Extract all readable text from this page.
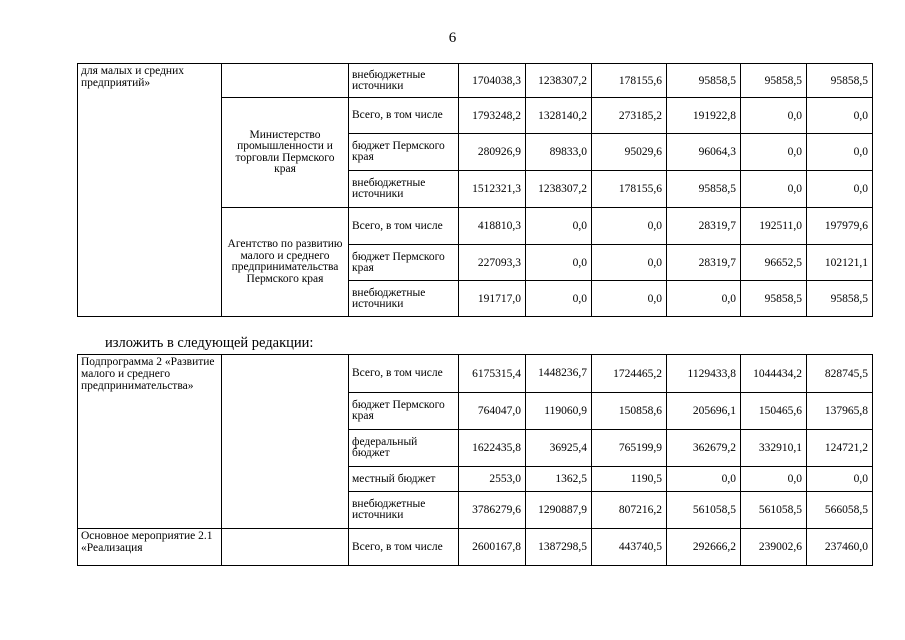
6
для малых и средних предприятий»		внебюджетные источники	1704038,3	1238307,2	178155,6	95858,5	95858,5	95858,5
	Министерство промышленности и торговли Пермского края	Всего, в том числе	1793248,2	1328140,2	273185,2	191922,8	0,0	0,0
		бюджет Пермского края	280926,9	89833,0	95029,6	96064,3	0,0	0,0
		внебюджетные источники	1512321,3	1238307,2	178155,6	95858,5	0,0	0,0
	Агентство по развитию малого и среднего предпринимательства Пермского края	Всего, в том числе	418810,3	0,0	0,0	28319,7	192511,0	197979,6
		бюджет Пермского края	227093,3	0,0	0,0	28319,7	96652,5	102121,1
		внебюджетные источники	191717,0	0,0	0,0	0,0	95858,5	95858,5
изложить в следующей редакции:
Подпрограмма 2 «Развитие малого и среднего предпринимательства»		Всего, в том числе	6175315,4	1448236,7	1724465,2	1129433,8	1044434,2	828745,5
		бюджет Пермского края	764047,0	119060,9	150858,6	205696,1	150465,6	137965,8
		федеральный бюджет	1622435,8	36925,4	765199,9	362679,2	332910,1	124721,2
		местный бюджет	2553,0	1362,5	1190,5	0,0	0,0	0,0
		внебюджетные источники	3786279,6	1290887,9	807216,2	561058,5	561058,5	566058,5
Основное мероприятие 2.1 «Реализация		Всего, в том числе	2600167,8	1387298,5	443740,5	292666,2	239002,6	237460,0
